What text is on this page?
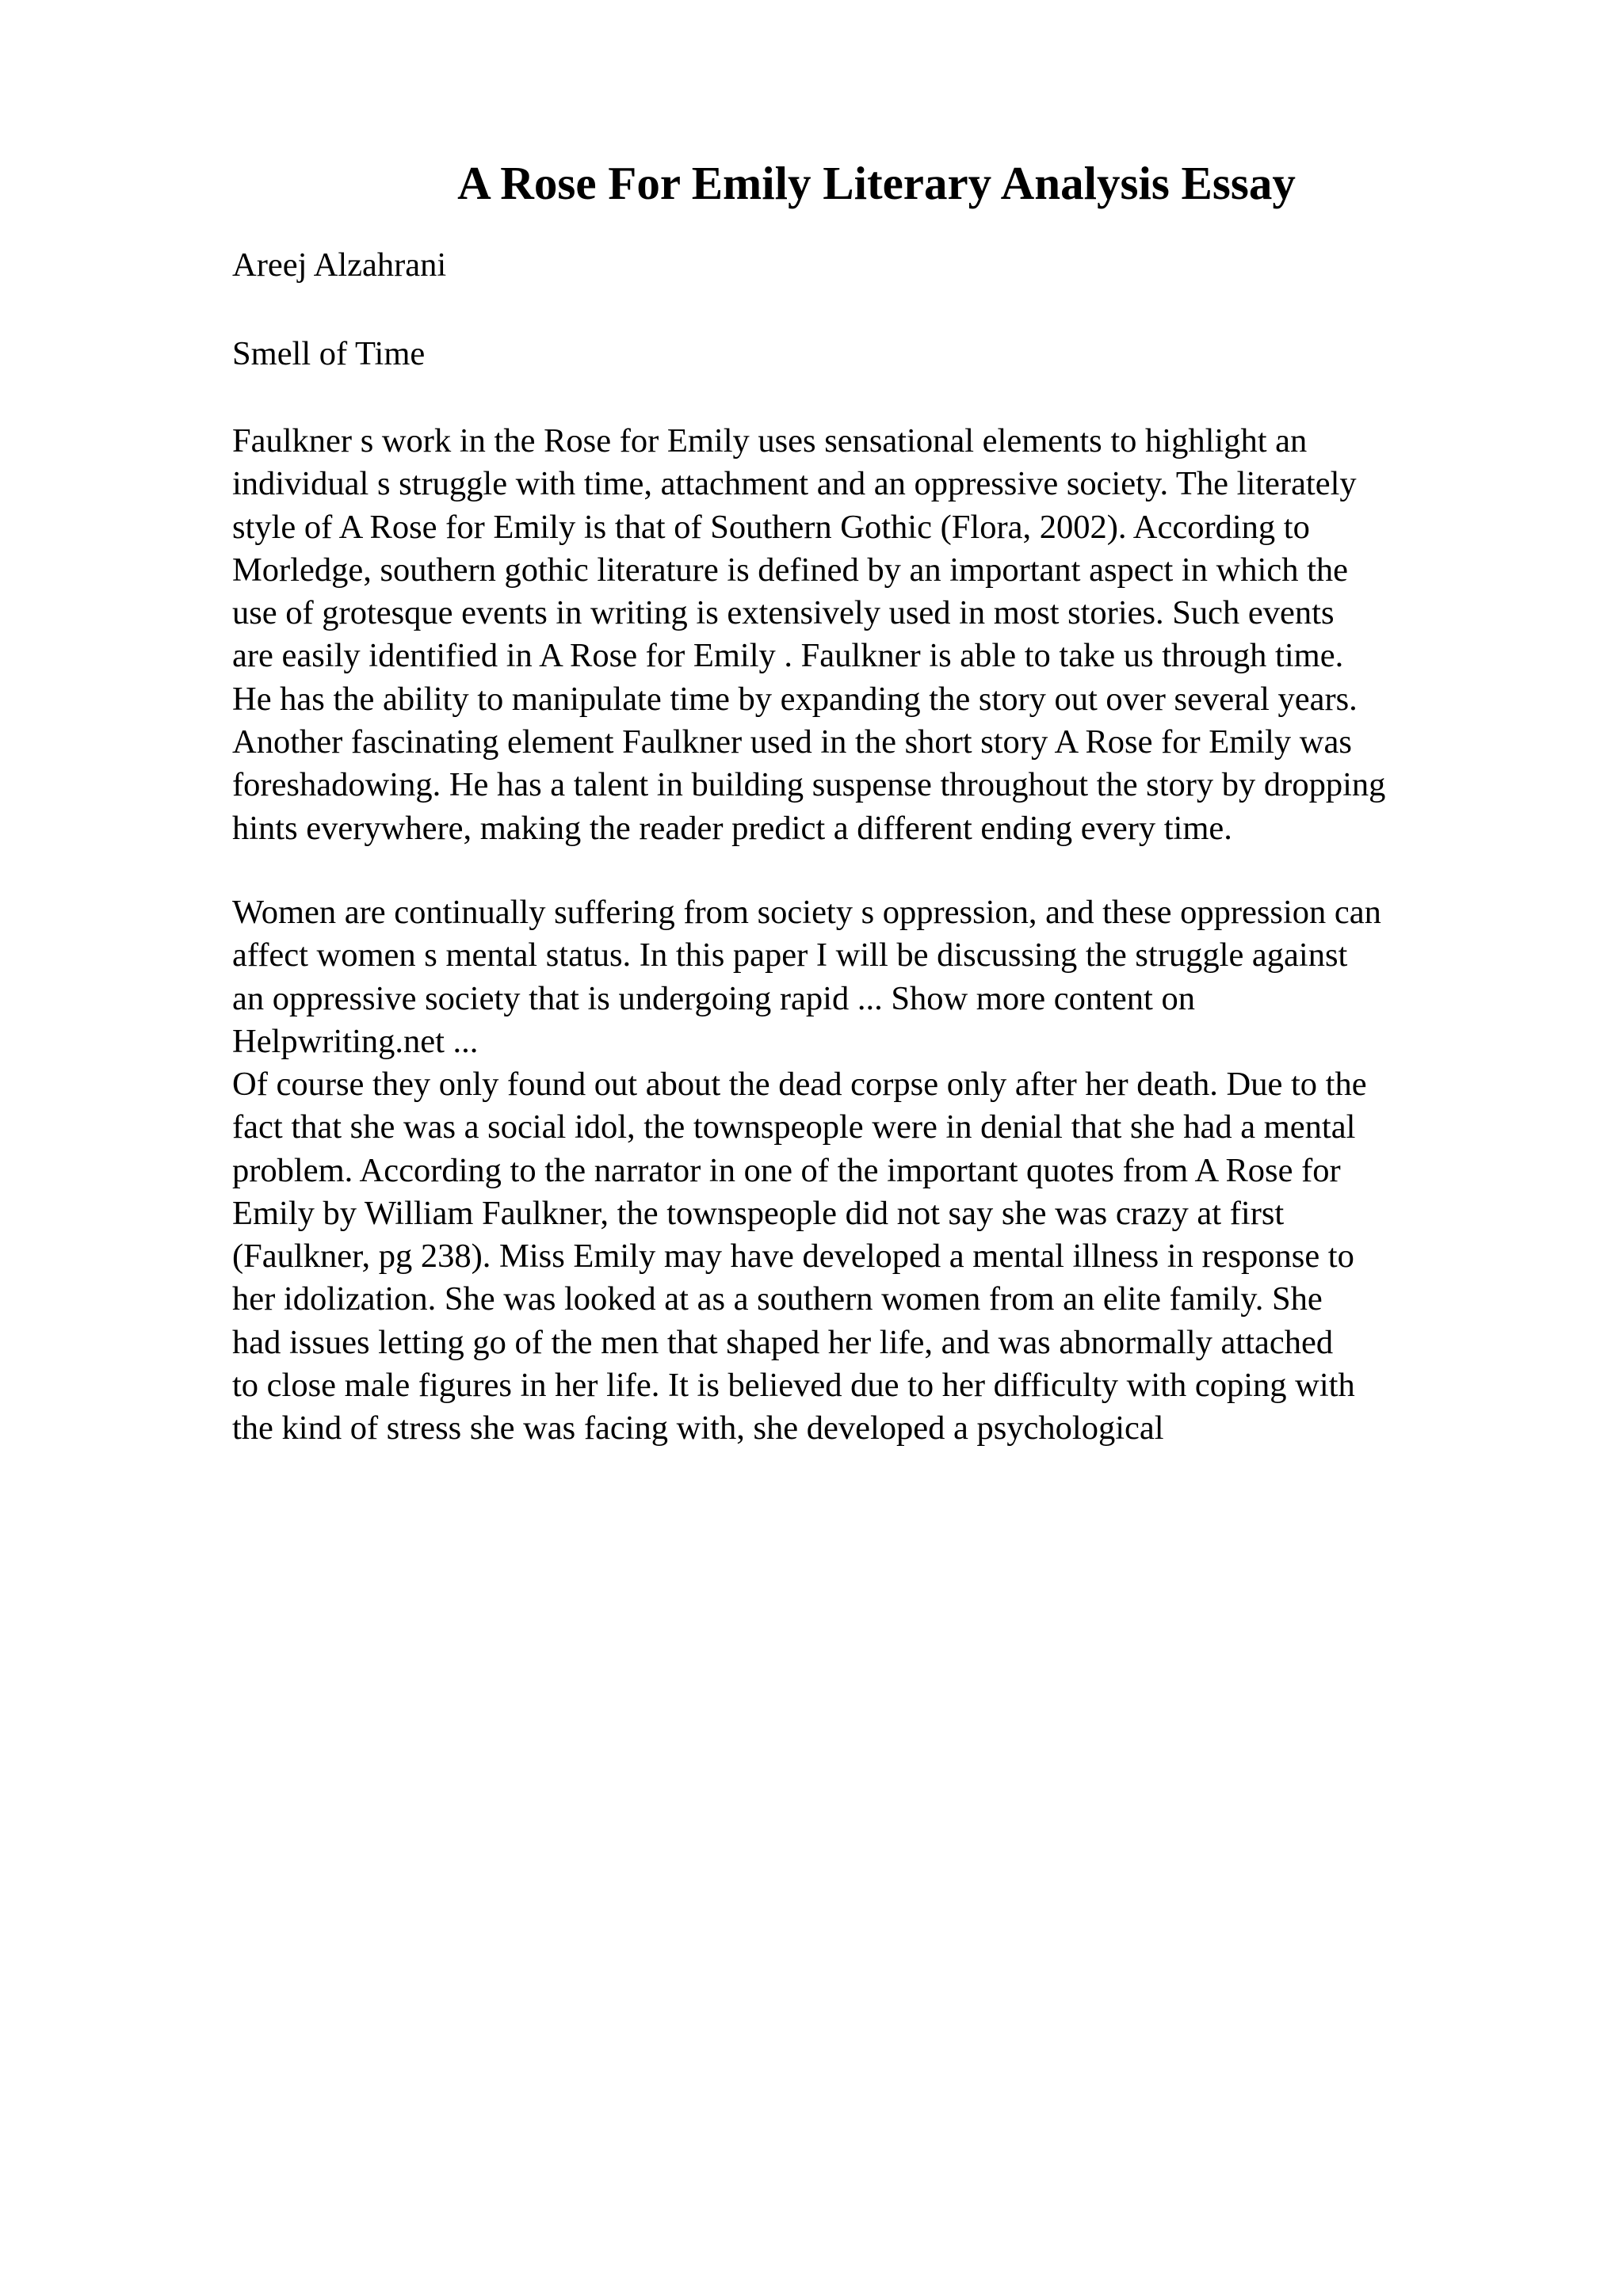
A Rose For Emily Literary Analysis Essay

Areej Alzahrani

Smell of Time

Faulkner s work in the Rose for Emily uses sensational elements to highlight an
individual s struggle with time, attachment and an oppressive society. The literately
style of A Rose for Emily is that of Southern Gothic (Flora, 2002). According to
Morledge, southern gothic literature is defined by an important aspect in which the
use of grotesque events in writing is extensively used in most stories. Such events
are easily identified in A Rose for Emily . Faulkner is able to take us through time.
He has the ability to manipulate time by expanding the story out over several years.
Another fascinating element Faulkner used in the short story A Rose for Emily was
foreshadowing. He has a talent in building suspense throughout the story by dropping
hints everywhere, making the reader predict a different ending every time.

Women are continually suffering from society s oppression, and these oppression can
affect women s mental status. In this paper I will be discussing the struggle against
an oppressive society that is undergoing rapid ... Show more content on
Helpwriting.net ...

Of course they only found out about the dead corpse only after her death. Due to the
fact that she was a social idol, the townspeople were in denial that she had a mental
problem. According to the narrator in one of the important quotes from A Rose for
Emily by William Faulkner, the townspeople did not say she was crazy at first
(Faulkner, pg 238). Miss Emily may have developed a mental illness in response to
her idolization. She was looked at as a southern women from an elite family. She
had issues letting go of the men that shaped her life, and was abnormally attached
to close male figures in her life. It is believed due to her difficulty with coping with
the kind of stress she was facing with, she developed a psychological
